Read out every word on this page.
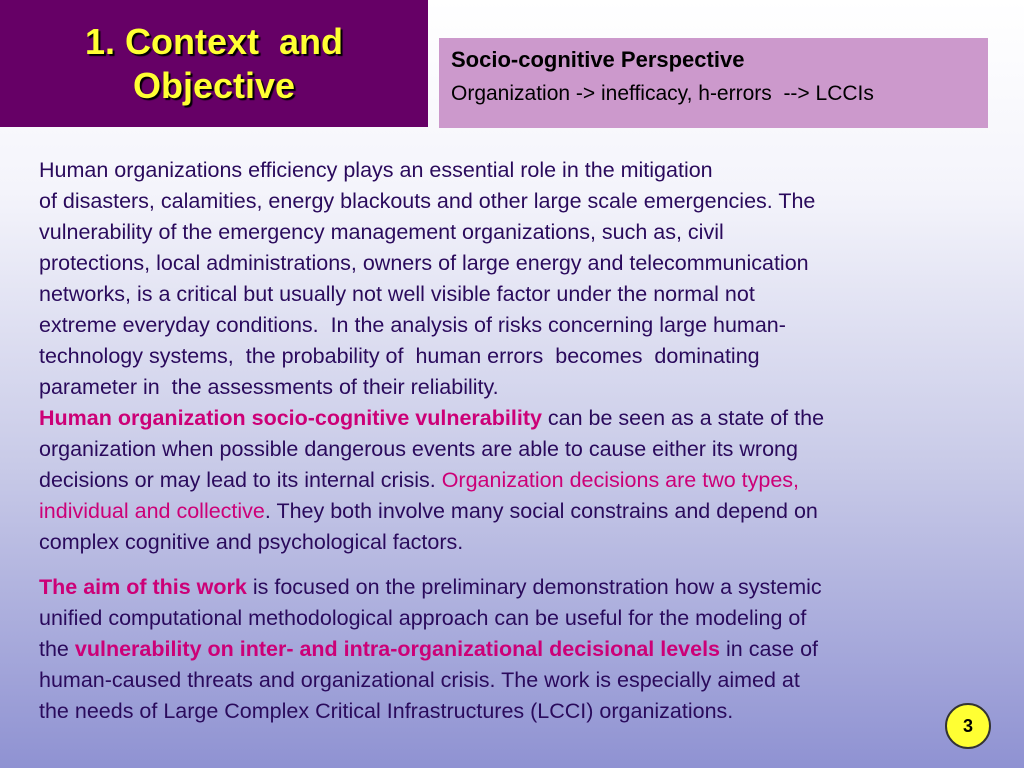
1. Context  and
Objective
Socio-cognitive Perspective
Organization -> inefficacy, h-errors  --> LCCIs

Human organizations efficiency plays an essential role in the mitigation
of disasters, calamities, energy blackouts and other large scale emergencies. The
vulnerability of the emergency management organizations, such as, civil
protections, local administrations, owners of large energy and telecommunication
networks, is a critical but usually not well visible factor under the normal not
extreme everyday conditions.  In the analysis of risks concerning large human-
technology systems,  the probability of  human errors  becomes  dominating
parameter in  the assessments of their reliability.

Human organization socio-cognitive vulnerability can be seen as a state of the
organization when possible dangerous events are able to cause either its wrong
decisions or may lead to its internal crisis. Organization decisions are two types,
individual and collective. They both involve many social constrains and depend on
complex cognitive and psychological factors.

The aim of this work is focused on the preliminary demonstration how a systemic
unified computational methodological approach can be useful for the modeling of
the vulnerability on inter- and intra-organizational decisional levels in case of
human-caused threats and organizational crisis. The work is especially aimed at
the needs of Large Complex Critical Infrastructures (LCCI) organizations.

3
